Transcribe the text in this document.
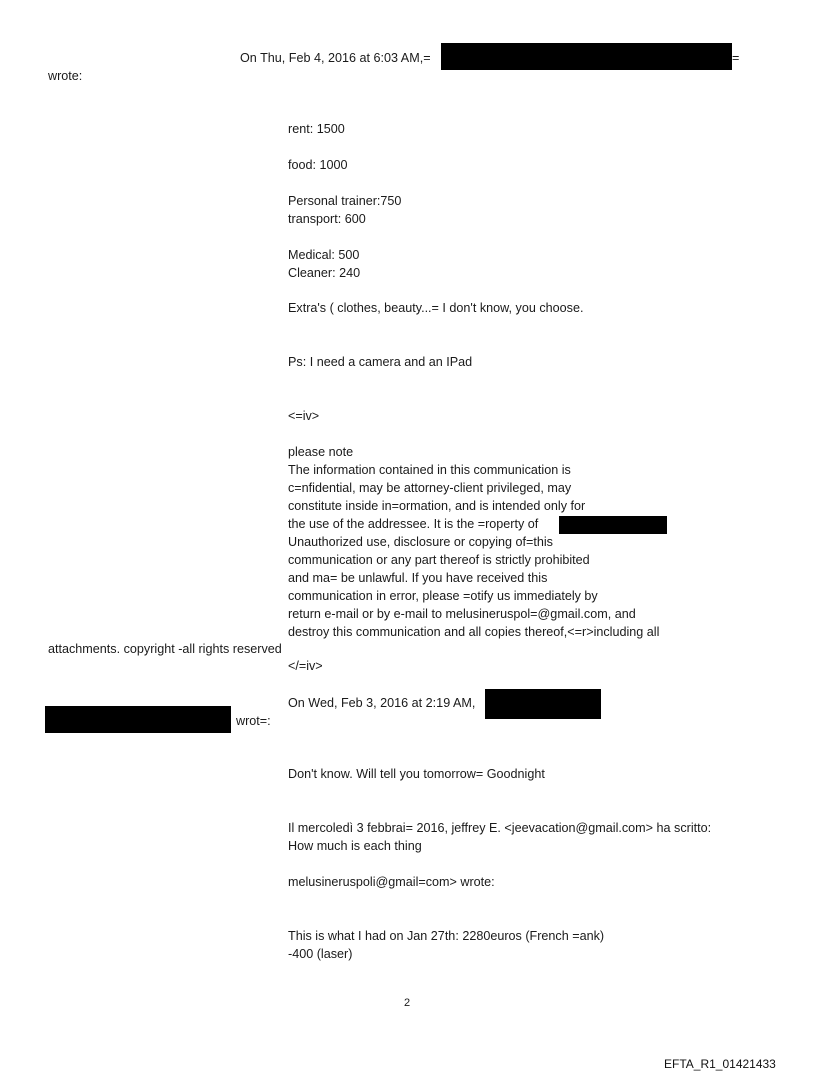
On Thu, Feb 4, 2016 at 6:03 AM,=	=
wrote:
rent: 1500
food: 1000
Personal trainer:750
transport: 600
Medical: 500
Cleaner: 240
Extra's ( clothes, beauty...= I don't know, you choose.
Ps: I need a camera and an IPad
<=iv>
please note
The information contained in this communication is
c=nfidential, may be attorney-client privileged, may
constitute inside in=ormation, and is intended only for
the use of the addressee. It is the =roperty of
Unauthorized use, disclosure or copying of=this
communication or any part thereof is strictly prohibited
and ma= be unlawful. If you have received this
communication in error, please =otify us immediately by
return e-mail or by e-mail to melusineruspol=@gmail.com, and
destroy this communication and all copies thereof,<=r>including all
attachments. copyright -all rights reserved
</=iv>
On Wed, Feb 3, 2016 at 2:19 AM,
wrot=:
Don't know. Will tell you tomorrow= Goodnight
Il mercoledì 3 febbrai= 2016, jeffrey E. <jeevacation@gmail.com> ha scritto:
How much is each thing
melusineruspoli@gmail=com> wrote:
This is what I had on Jan 27th: 2280euros (French =ank)
-400 (laser)
2
EFTA_R1_01421433
